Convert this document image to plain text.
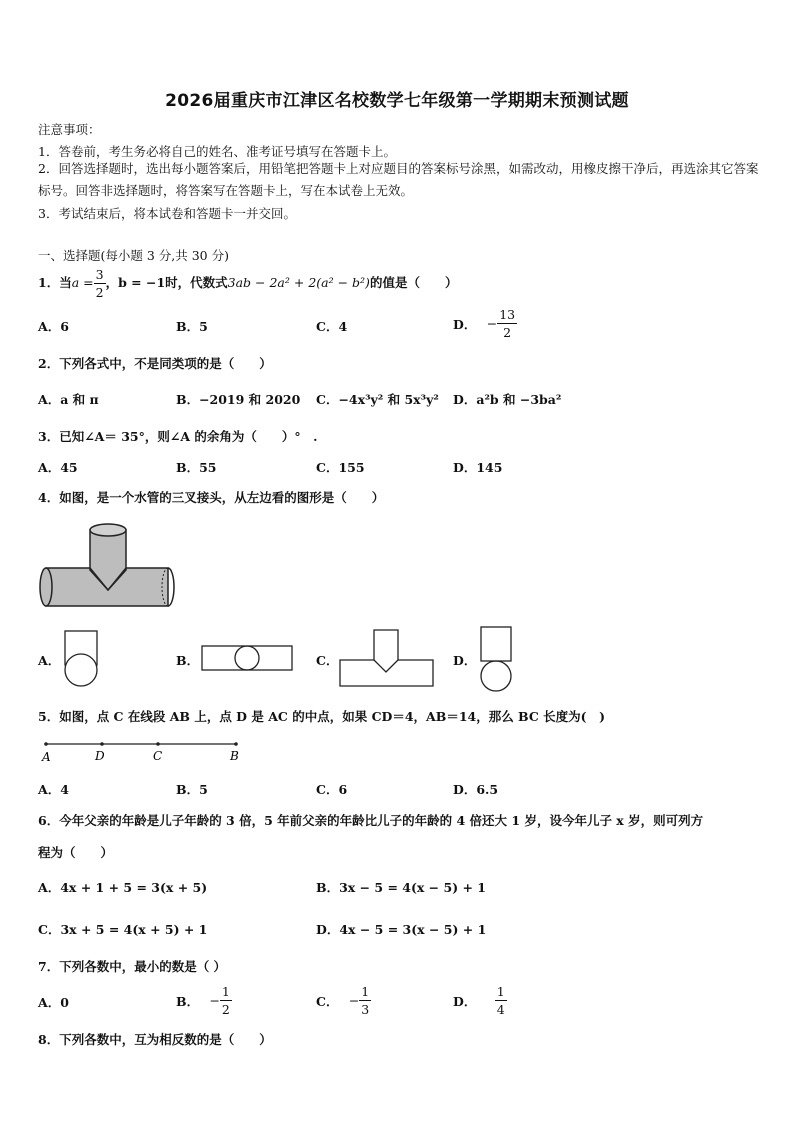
2026届重庆市江津区名校数学七年级第一学期期末预测试题
注意事项：
1．答卷前，考生务必将自己的姓名、准考证号填写在答题卡上。
2．回答选择题时，选出每小题答案后，用铅笔把答题卡上对应题目的答案标号涂黑，如需改动，用橡皮擦干净后，再选涂其它答案标号。回答非选择题时，将答案写在答题卡上，写在本试卷上无效。
3．考试结束后，将本试卷和答题卡一并交回。
一、选择题(每小题 3 分,共 30 分)
1．当$a = \frac{3}{2}$ ，b = −1时，代数式3ab − 2a² + 2(a² − b²)的值是（　　）
A．6	B．5	C．4	D． − $\frac{13}{2}$
2．下列各式中，不是同类项的是（　　）
A．a 和 π	B．−2019 和 2020 C．−4x³y² 和 5x³y² D．a²b 和 −3ba²
3．已知∠A＝ 35°，则∠A 的余角为（　　）°　.
A．45	B．55	C．155	D．145
4．如图，是一个水管的三叉接头，从左边看的图形是（　　）
A．	B．	C．	D．
5．如图，点 C 在线段 AB 上，点 D 是 AC 的中点，如果 CD＝4，AB＝14，那么 BC 长度为(　)
A	D	C	B
A．4	B．5	C．6	D．6.5
6．今年父亲的年龄是儿子年龄的 3 倍，5 年前父亲的年龄比儿子的年龄的 4 倍还大 1 岁，设今年儿子 x 岁，则可列方
程为（　　）
A．4x + 1 + 5 = 3(x + 5)	B．3x − 5 = 4(x − 5) + 1
C．3x + 5 = 4(x + 5) + 1	D．4x − 5 = 3(x − 5) + 1
7．下列各数中，最小的数是（ ）
A．0	B． − $\frac{1}{2}$	C． − $\frac{1}{3}$	D． $\frac{1}{4}$
8．下列各数中，互为相反数的是（　　）
